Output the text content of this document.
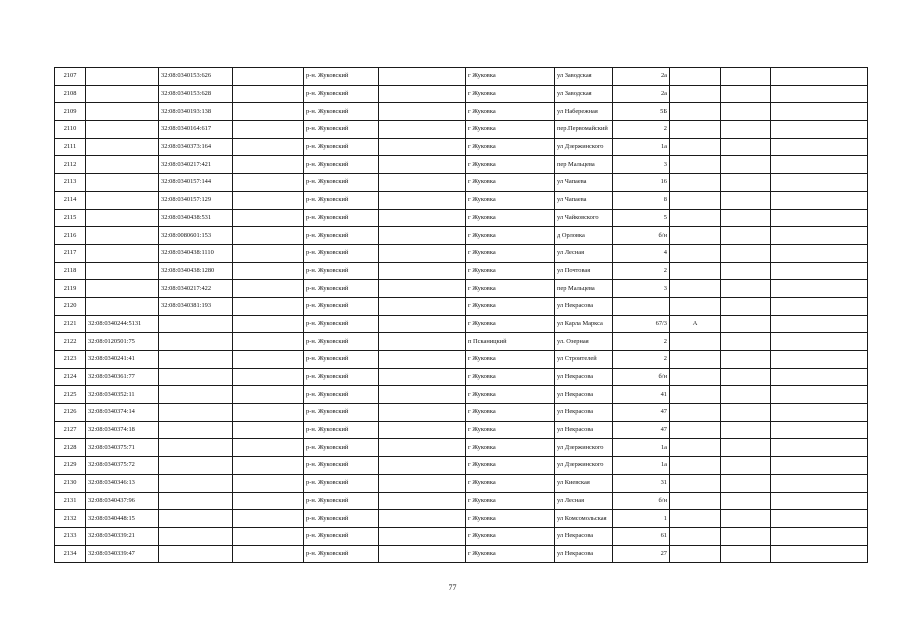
2107		32:08:0340153:626		р-н. Жуковский		г Жуковка	ул Заводская	2а			
2108		32:08:0340153:628		р-н. Жуковский		г Жуковка	ул Заводская	2а			
2109		32:08:0340193:138		р-н. Жуковский		г Жуковка	ул Набережная	5Б			
2110		32:08:0340164:617		р-н. Жуковский		г Жуковка	пер.Первомайский	2			
2111		32:08:0340373:164		р-н. Жуковский		г Жуковка	ул Дзержинского	1а			
2112		32:08:0340217:421		р-н. Жуковский		г Жуковка	пер Мальцева	3			
2113		32:08:0340157:144		р-н. Жуковский		г Жуковка	ул Чапаева	16			
2114		32:08:0340157:129		р-н. Жуковский		г Жуковка	ул Чапаева	8			
2115		32:08:0340438:531		р-н. Жуковский		г Жуковка	ул Чайковского	5			
2116		32:08:0080601:153		р-н. Жуковский		г Жуковка	д Орловка	б/н			
2117		32:08:0340438:1110		р-н. Жуковский		г Жуковка	ул Лесная	4			
2118		32:08:0340438:1280		р-н. Жуковский		г Жуковка	ул Почтовая	2			
2119		32:08:0340217:422		р-н. Жуковский		г Жуковка	пер Мальцева	3			
2120		32:08:0340381:193		р-н. Жуковский		г Жуковка	ул Некрасова				
2121	32:08:0340244:5131			р-н. Жуковский		г Жуковка	ул Карла Маркса	67/3	А		
2122	32:08:0120501:75			р-н. Жуковский		п Псканицкий	ул. Озерная	2			
2123	32:08:0340241:41			р-н. Жуковский		г Жуковка	ул Строителей	2			
2124	32:08:0340361:77			р-н. Жуковский		г Жуковка	ул Некрасова	б/н			
2125	32:08:0340352:11			р-н. Жуковский		г Жуковка	ул Некрасова	41			
2126	32:08:0340374:14			р-н. Жуковский		г Жуковка	ул Некрасова	47			
2127	32:08:0340374:18			р-н. Жуковский		г Жуковка	ул Некрасова	47			
2128	32:08:0340375:71			р-н. Жуковский		г Жуковка	ул Дзержинского	1а			
2129	32:08:0340375:72			р-н. Жуковский		г Жуковка	ул Дзержинского	1а			
2130	32:08:0340346:13			р-н. Жуковский		г Жуковка	ул Киевская	31			
2131	32:08:0340437:96			р-н. Жуковский		г Жуковка	ул Лесная	б/н			
2132	32:08:0340448:15			р-н. Жуковский		г Жуковка	ул Комсомольская	1			
2133	32:08:0340339:21			р-н. Жуковский		г Жуковка	ул Некрасова	61			
2134	32:08:0340339:47			р-н. Жуковский		г Жуковка	ул Некрасова	27			
77
